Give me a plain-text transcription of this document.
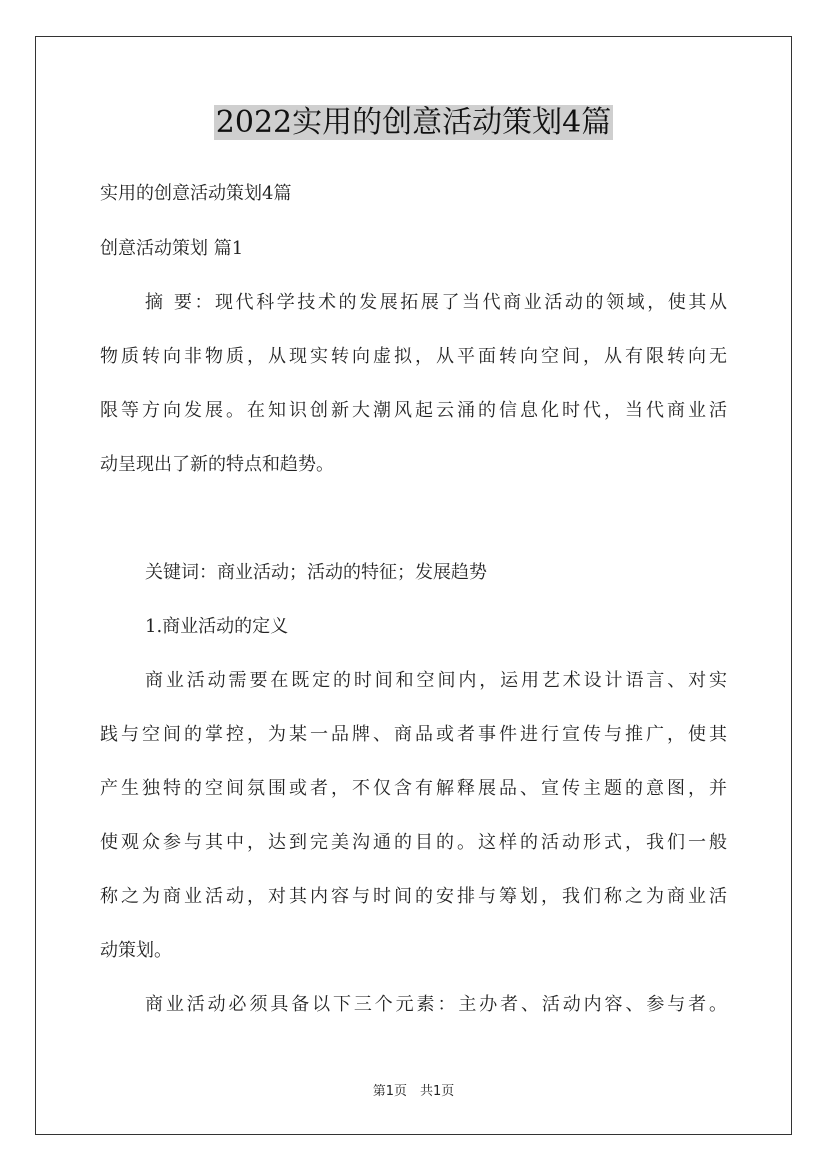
2022实用的创意活动策划4篇
实用的创意活动策划4篇
创意活动策划 篇1
摘 要：现代科学技术的发展拓展了当代商业活动的领域，使其从
物质转向非物质，从现实转向虚拟，从平面转向空间，从有限转向无
限等方向发展。在知识创新大潮风起云涌的信息化时代，当代商业活
动呈现出了新的特点和趋势。
关键词：商业活动；活动的特征；发展趋势
1.商业活动的定义
商业活动需要在既定的时间和空间内，运用艺术设计语言、对实
践与空间的掌控，为某一品牌、商品或者事件进行宣传与推广，使其
产生独特的空间氛围或者，不仅含有解释展品、宣传主题的意图，并
使观众参与其中，达到完美沟通的目的。这样的活动形式，我们一般
称之为商业活动，对其内容与时间的安排与筹划，我们称之为商业活
动策划。
商业活动必须具备以下三个元素：主办者、活动内容、参与者。
第1页　共1页
